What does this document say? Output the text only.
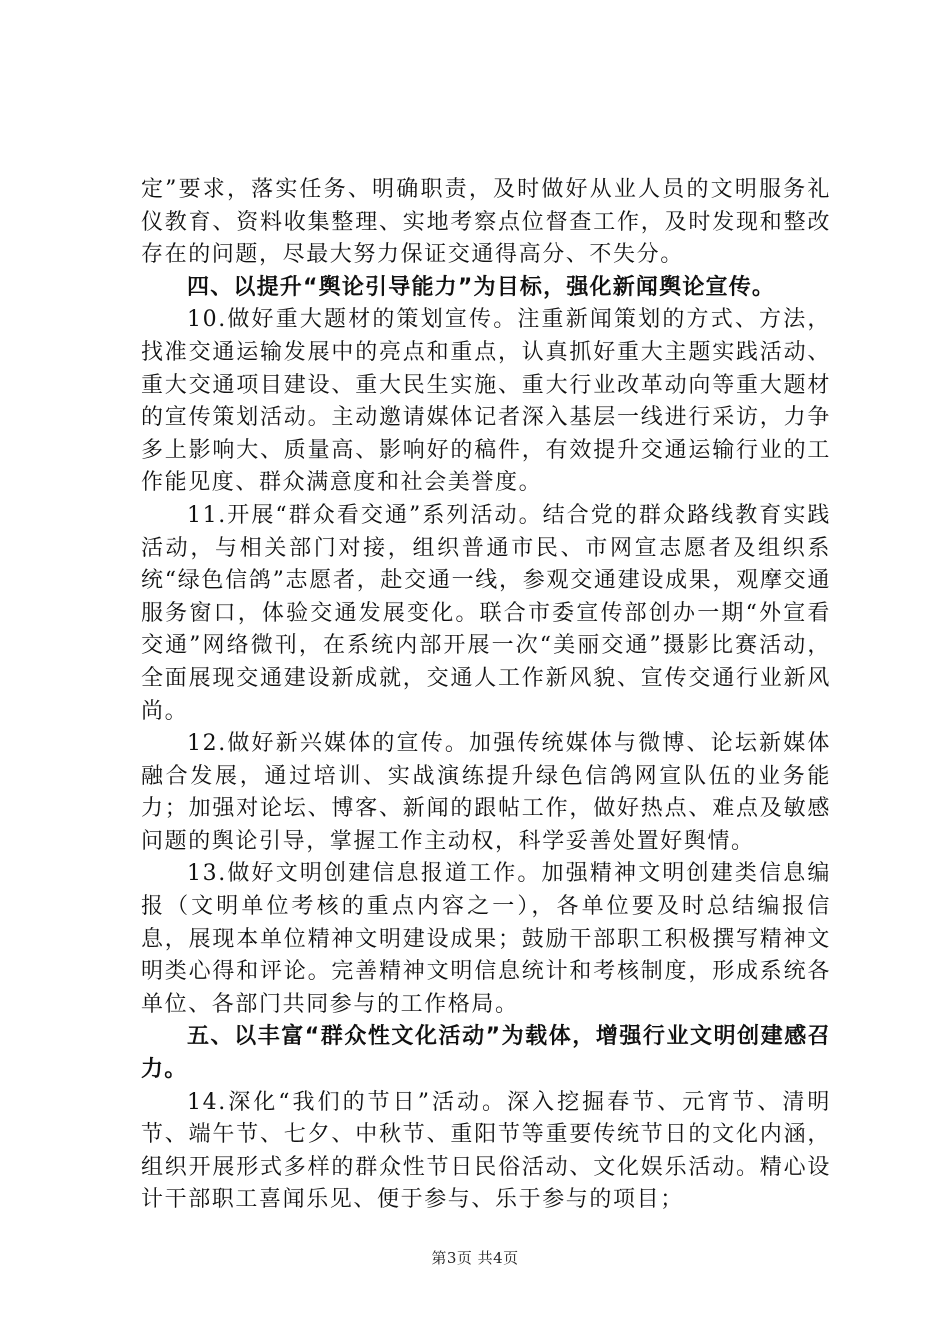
定”要求，落实任务、明确职责，及时做好从业人员的文明服务礼仪教育、资料收集整理、实地考察点位督查工作，及时发现和整改存在的问题，尽最大努力保证交通得高分、不失分。

四、以提升“舆论引导能力”为目标，强化新闻舆论宣传。

10.做好重大题材的策划宣传。注重新闻策划的方式、方法，找准交通运输发展中的亮点和重点，认真抓好重大主题实践活动、重大交通项目建设、重大民生实施、重大行业改革动向等重大题材的宣传策划活动。主动邀请媒体记者深入基层一线进行采访，力争多上影响大、质量高、影响好的稿件，有效提升交通运输行业的工作能见度、群众满意度和社会美誉度。

11.开展“群众看交通”系列活动。结合党的群众路线教育实践活动，与相关部门对接，组织普通市民、市网宣志愿者及组织系统“绿色信鸽”志愿者，赴交通一线，参观交通建设成果，观摩交通服务窗口，体验交通发展变化。联合市委宣传部创办一期“外宣看交通”网络微刊，在系统内部开展一次“美丽交通”摄影比赛活动，全面展现交通建设新成就，交通人工作新风貌、宣传交通行业新风尚。

12.做好新兴媒体的宣传。加强传统媒体与微博、论坛新媒体融合发展，通过培训、实战演练提升绿色信鸽网宣队伍的业务能力；加强对论坛、博客、新闻的跟帖工作，做好热点、难点及敏感问题的舆论引导，掌握工作主动权，科学妥善处置好舆情。

13.做好文明创建信息报道工作。加强精神文明创建类信息编报（文明单位考核的重点内容之一），各单位要及时总结编报信息，展现本单位精神文明建设成果；鼓励干部职工积极撰写精神文明类心得和评论。完善精神文明信息统计和考核制度，形成系统各单位、各部门共同参与的工作格局。

五、以丰富“群众性文化活动”为载体，增强行业文明创建感召力。

14.深化“我们的节日”活动。深入挖掘春节、元宵节、清明节、端午节、七夕、中秋节、重阳节等重要传统节日的文化内涵，组织开展形式多样的群众性节日民俗活动、文化娱乐活动。精心设计干部职工喜闻乐见、便于参与、乐于参与的项目；

第3页 共4页
